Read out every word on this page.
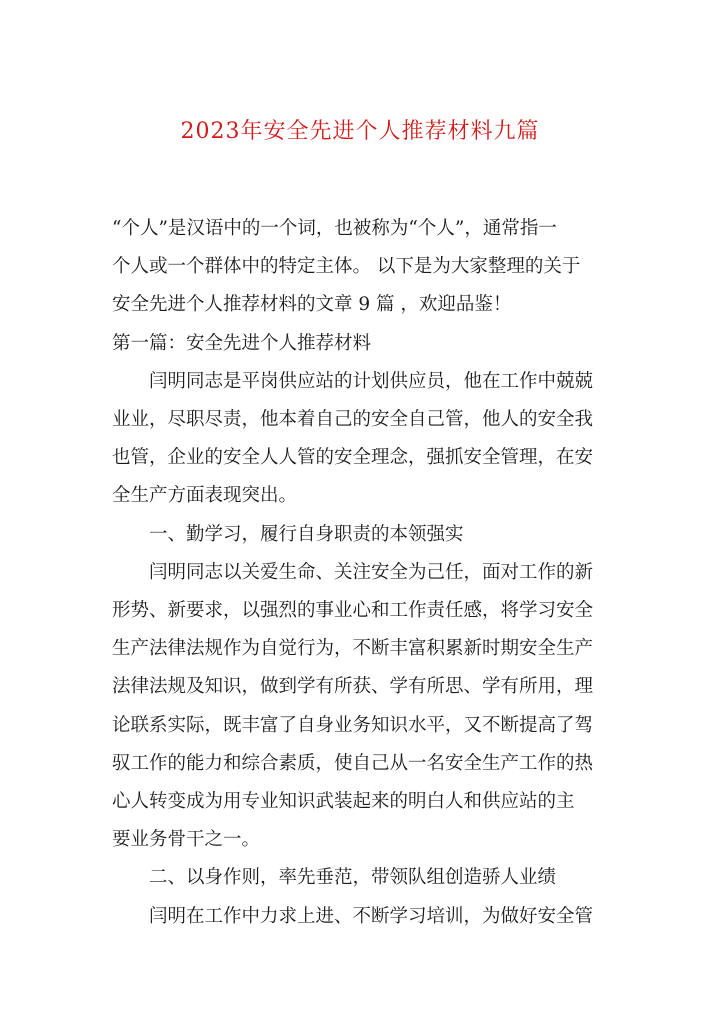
2023年安全先进个人推荐材料九篇

“个人”是汉语中的一个词，也被称为“个人”，通常指一
个人或一个群体中的特定主体。 以下是为大家整理的关于
安全先进个人推荐材料的文章 9 篇 ，欢迎品鉴！

第一篇：安全先进个人推荐材料

闫明同志是平岗供应站的计划供应员，他在工作中兢兢
业业，尽职尽责，他本着自己的安全自己管，他人的安全我
也管，企业的安全人人管的安全理念，强抓安全管理，在安
全生产方面表现突出。

一、勤学习，履行自身职责的本领强实

闫明同志以关爱生命、关注安全为己任，面对工作的新
形势、新要求，以强烈的事业心和工作责任感，将学习安全
生产法律法规作为自觉行为，不断丰富积累新时期安全生产
法律法规及知识，做到学有所获、学有所思、学有所用，理
论联系实际，既丰富了自身业务知识水平，又不断提高了驾
驭工作的能力和综合素质，使自己从一名安全生产工作的热
心人转变成为用专业知识武装起来的明白人和供应站的主
要业务骨干之一。

二、以身作则，率先垂范，带领队组创造骄人业绩

闫明在工作中力求上进、不断学习培训，为做好安全管
